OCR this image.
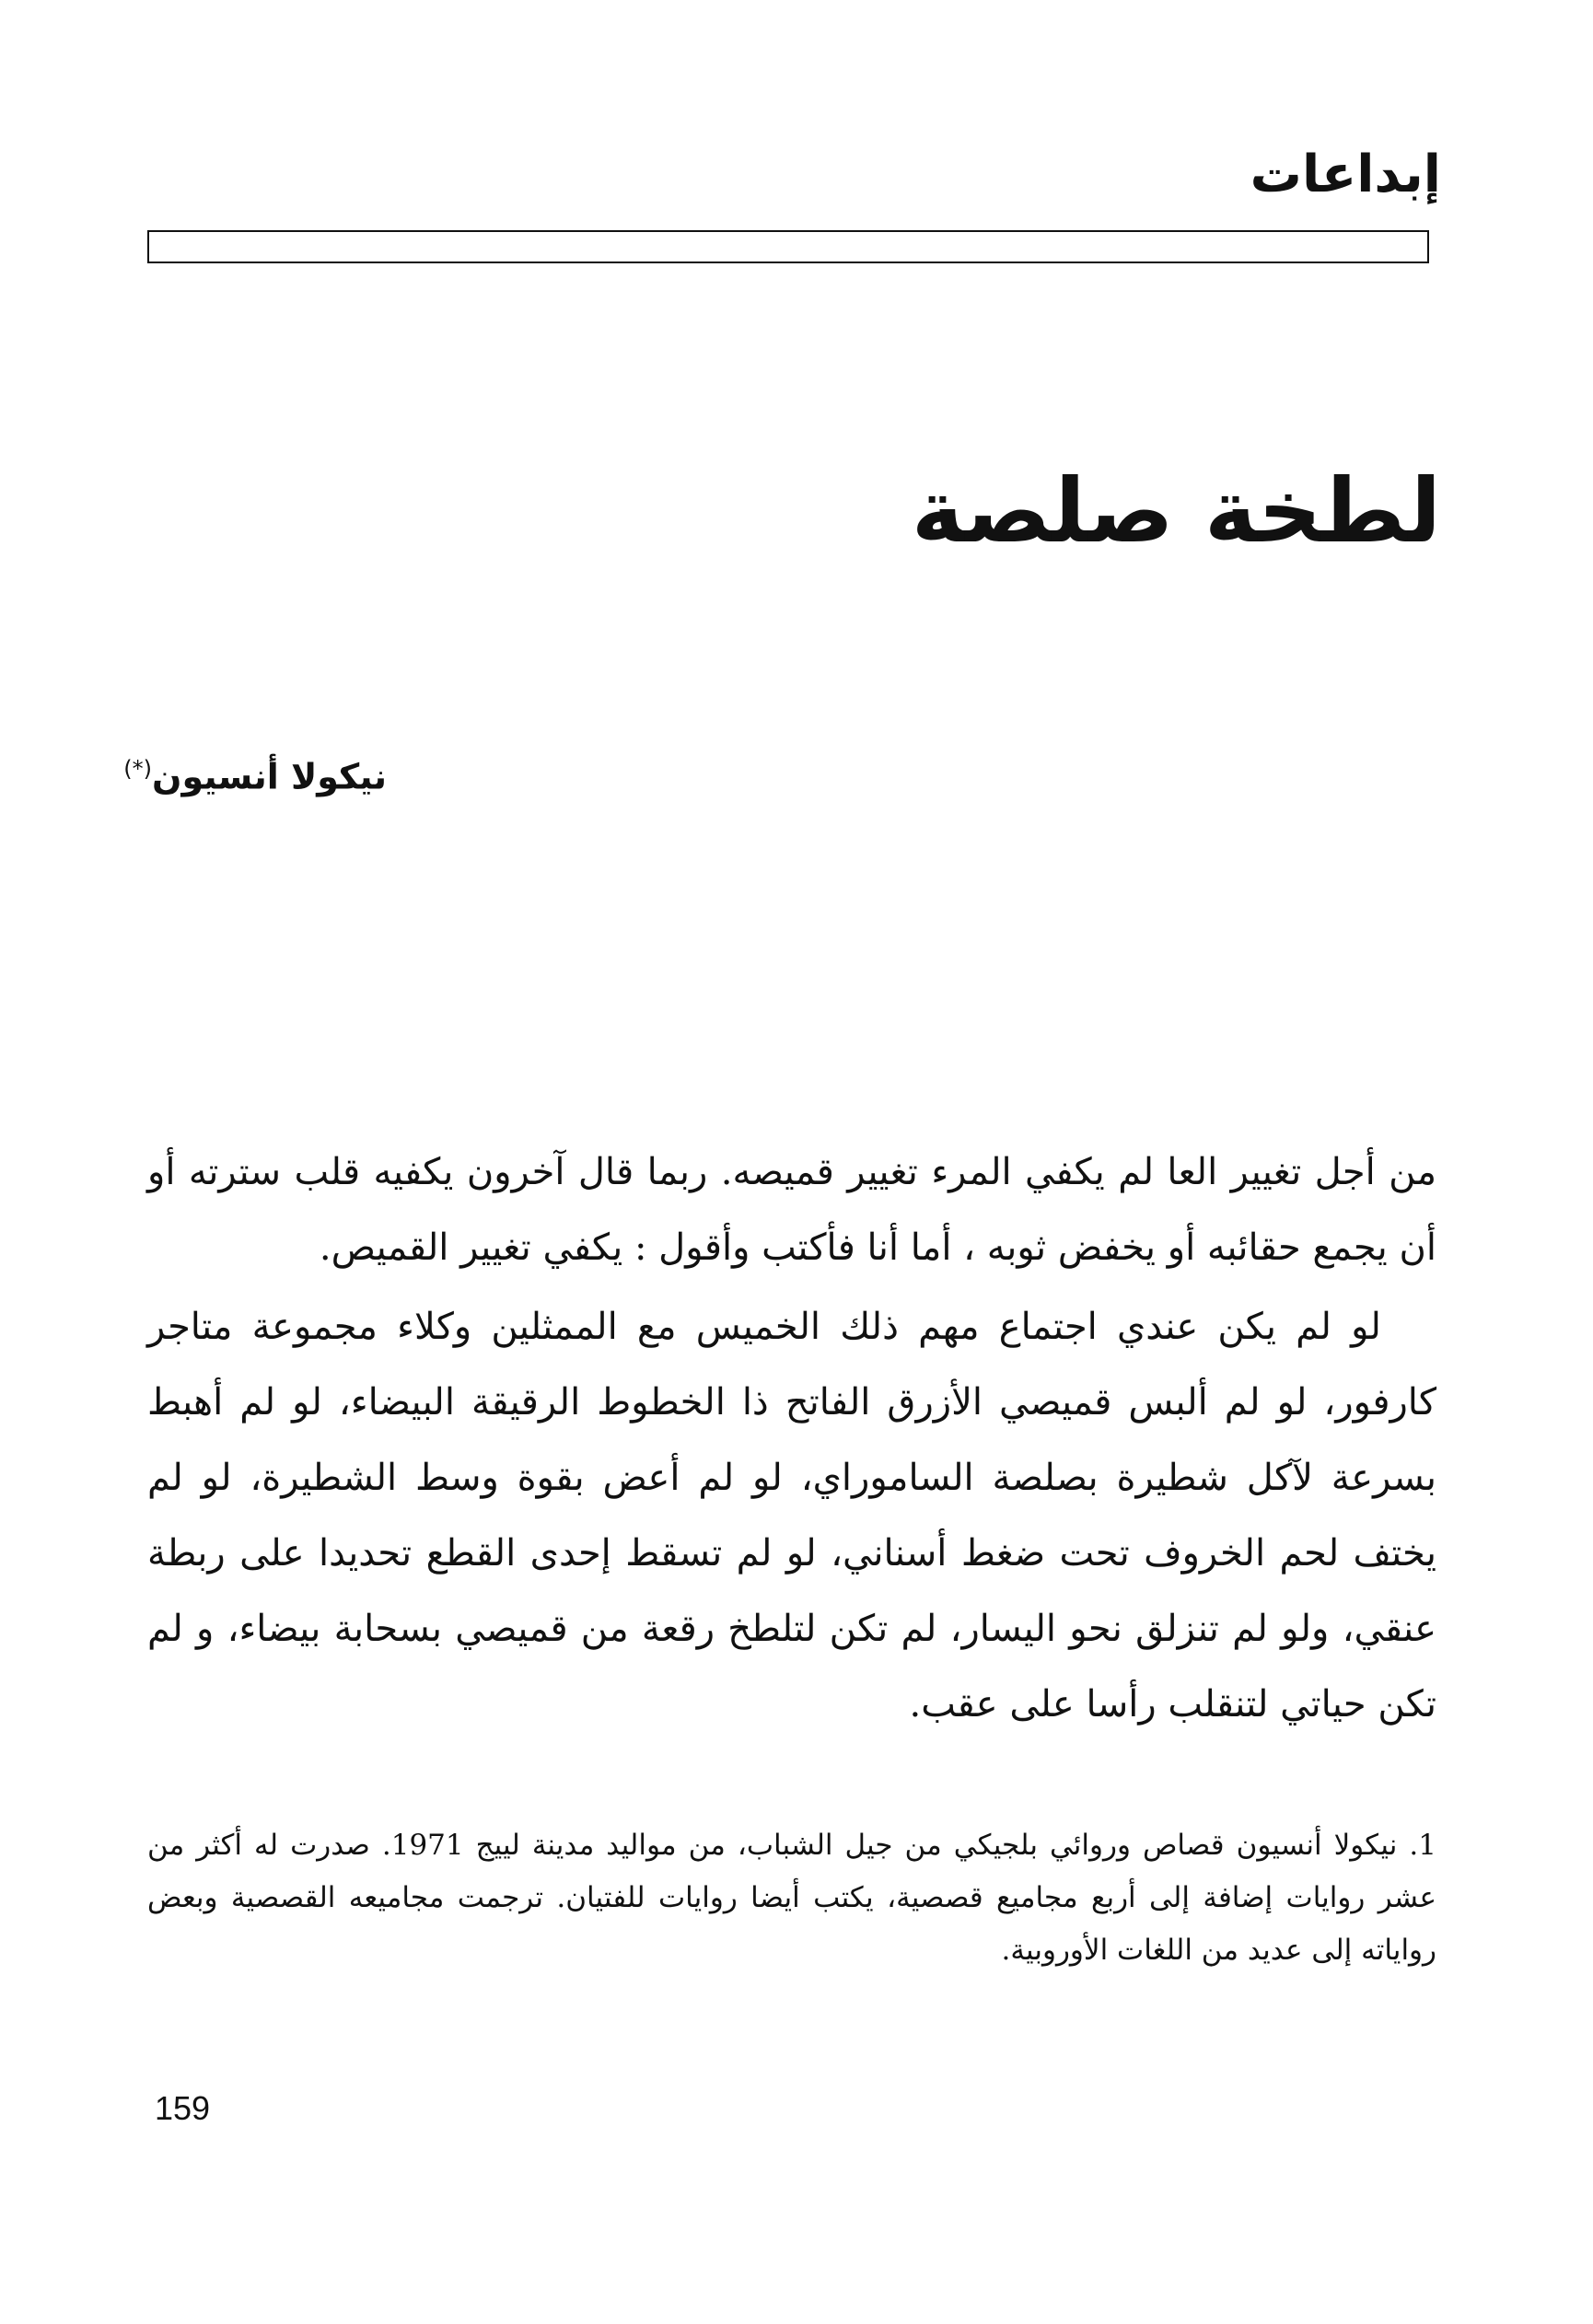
إبداعات
لطخة صلصة
نيكولا أنسيون(*)

من أجل تغيير العا لم يكفي المرء تغيير قميصه. ربما قال آخرون يكفيه قلب سترته أو أن يجمع حقائبه أو يخفض ثوبه ، أما أنا فأكتب وأقول : يكفي تغيير القميص.

لو لم يكن عندي اجتماع مهم ذلك الخميس مع الممثلين وكلاء مجموعة متاجر كارفور، لو لم ألبس قميصي الأزرق الفاتح ذا الخطوط الرقيقة البيضاء، لو لم أهبط بسرعة لآكل شطيرة بصلصة الساموراي، لو لم أعض بقوة وسط الشطيرة، لو لم يختف لحم الخروف تحت ضغط أسناني، لو لم تسقط إحدى القطع تحديدا على ربطة عنقي، ولو لم تنزلق نحو اليسار، لم تكن لتلطخ رقعة من قميصي بسحابة بيضاء، و لم تكن حياتي لتنقلب رأسا على عقب.

1. نيكولا أنسيون قصاص وروائي بلجيكي من جيل الشباب، من مواليد مدينة لييج 1971. صدرت له أكثر من عشر روايات إضافة إلى أربع مجاميع قصصية، يكتب أيضا روايات للفتيان. ترجمت مجاميعه القصصية وبعض رواياته إلى عديد من اللغات الأوروبية.

159
